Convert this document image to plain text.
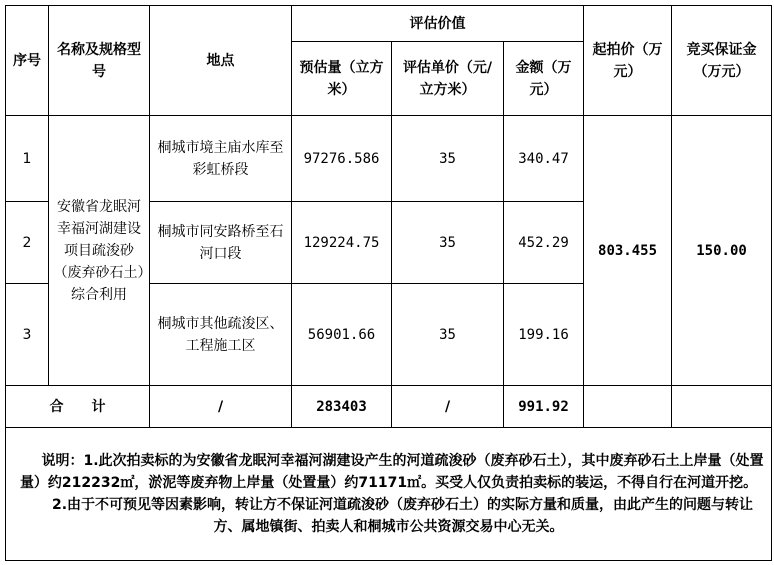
序号	名称及规格型号	地点	评估价值			起拍价（万元）	竞买保证金（万元）
			预估量（立方米）	评估单价（元/立方米）	金额（万元）		
1	安徽省龙眠河幸福河湖建设项目疏浚砂（废弃砂石土）综合利用	桐城市境主庙水库至彩虹桥段	97276.586	35	340.47	803.455	150.00
2		桐城市同安路桥至石河口段	129224.75	35	452.29		
3		桐城市其他疏浚区、工程施工区	56901.66	35	199.16		
合　　计		/	283403	/	991.92		

说明：1.此次拍卖标的为安徽省龙眠河幸福河湖建设产生的河道疏浚砂（废弃砂石土），其中废弃砂石土上岸量（处置量）约212232㎡，淤泥等废弃物上岸量（处置量）约71171㎡。买受人仅负责拍卖标的装运，不得自行在河道开挖。

2.由于不可预见等因素影响，转让方不保证河道疏浚砂（废弃砂石土）的实际方量和质量，由此产生的问题与转让方、属地镇街、拍卖人和桐城市公共资源交易中心无关。							
